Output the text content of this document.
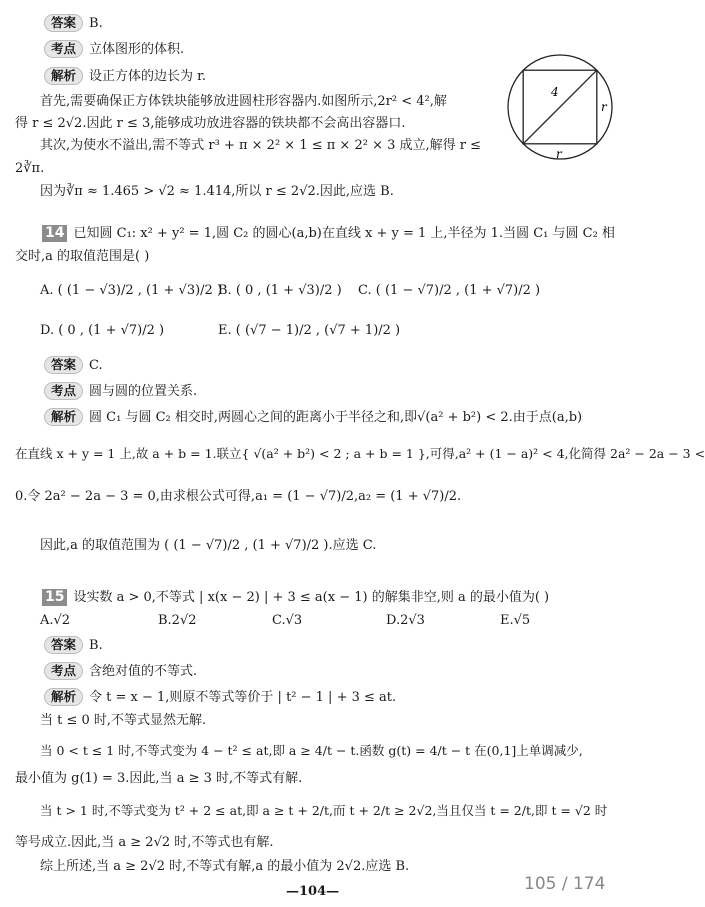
答案 B.
考点 立体图形的体积.
解析 设正方体的边长为 r.
首先,需要确保正方体铁块能够放进圆柱形容器内.如图所示,2r² < 4²,解
得 r ≤ 2√2.因此 r ≤ 3,能够成功放进容器的铁块都不会高出容器口.
其次,为使水不溢出,需不等式 r³ + π × 2² × 1 ≤ π × 2² × 3 成立,解得 r ≤
2∛π.
因为∛π ≈ 1.465 > √2 ≈ 1.414,所以 r ≤ 2√2.因此,应选 B.
4
r
r
14 已知圆 C₁: x² + y² = 1,圆 C₂ 的圆心(a,b)在直线 x + y = 1 上,半径为 1.当圆 C₁ 与圆 C₂ 相
交时,a 的取值范围是( )
A. ( (1 − √3)/2 , (1 + √3)/2 )
B. ( 0 , (1 + √3)/2 ) C. ( (1 − √7)/2 , (1 + √7)/2 )
D. ( 0 , (1 + √7)/2 )	E. ( (√7 − 1)/2 , (√7 + 1)/2 )
答案 C.
考点 圆与圆的位置关系.
解析 圆 C₁ 与圆 C₂ 相交时,两圆心之间的距离小于半径之和,即√(a² + b²) < 2.由于点(a,b)
在直线 x + y = 1 上,故 a + b = 1.联立{ √(a² + b²) < 2 ; a + b = 1 },可得,a² + (1 − a)² < 4,化简得 2a² − 2a − 3 <
0.令 2a² − 2a − 3 = 0,由求根公式可得,a₁ = (1 − √7)/2,a₂ = (1 + √7)/2.
因此,a 的取值范围为 ( (1 − √7)/2 , (1 + √7)/2 ).应选 C.
15 设实数 a > 0,不等式 | x(x − 2) | + 3 ≤ a(x − 1) 的解集非空,则 a 的最小值为( )
A.√2	B.2√2	C.√3	D.2√3	E.√5
答案 B.
考点 含绝对值的不等式.
解析 令 t = x − 1,则原不等式等价于 | t² − 1 | + 3 ≤ at.
当 t ≤ 0 时,不等式显然无解.
当 0 < t ≤ 1 时,不等式变为 4 − t² ≤ at,即 a ≥ 4/t − t.函数 g(t) = 4/t − t 在(0,1]上单调减少,
最小值为 g(1) = 3.因此,当 a ≥ 3 时,不等式有解.
当 t > 1 时,不等式变为 t² + 2 ≤ at,即 a ≥ t + 2/t,而 t + 2/t ≥ 2√2,当且仅当 t = 2/t,即 t = √2 时
等号成立.因此,当 a ≥ 2√2 时,不等式也有解.
综上所述,当 a ≥ 2√2 时,不等式有解,a 的最小值为 2√2.应选 B.
—104—	105 / 174
